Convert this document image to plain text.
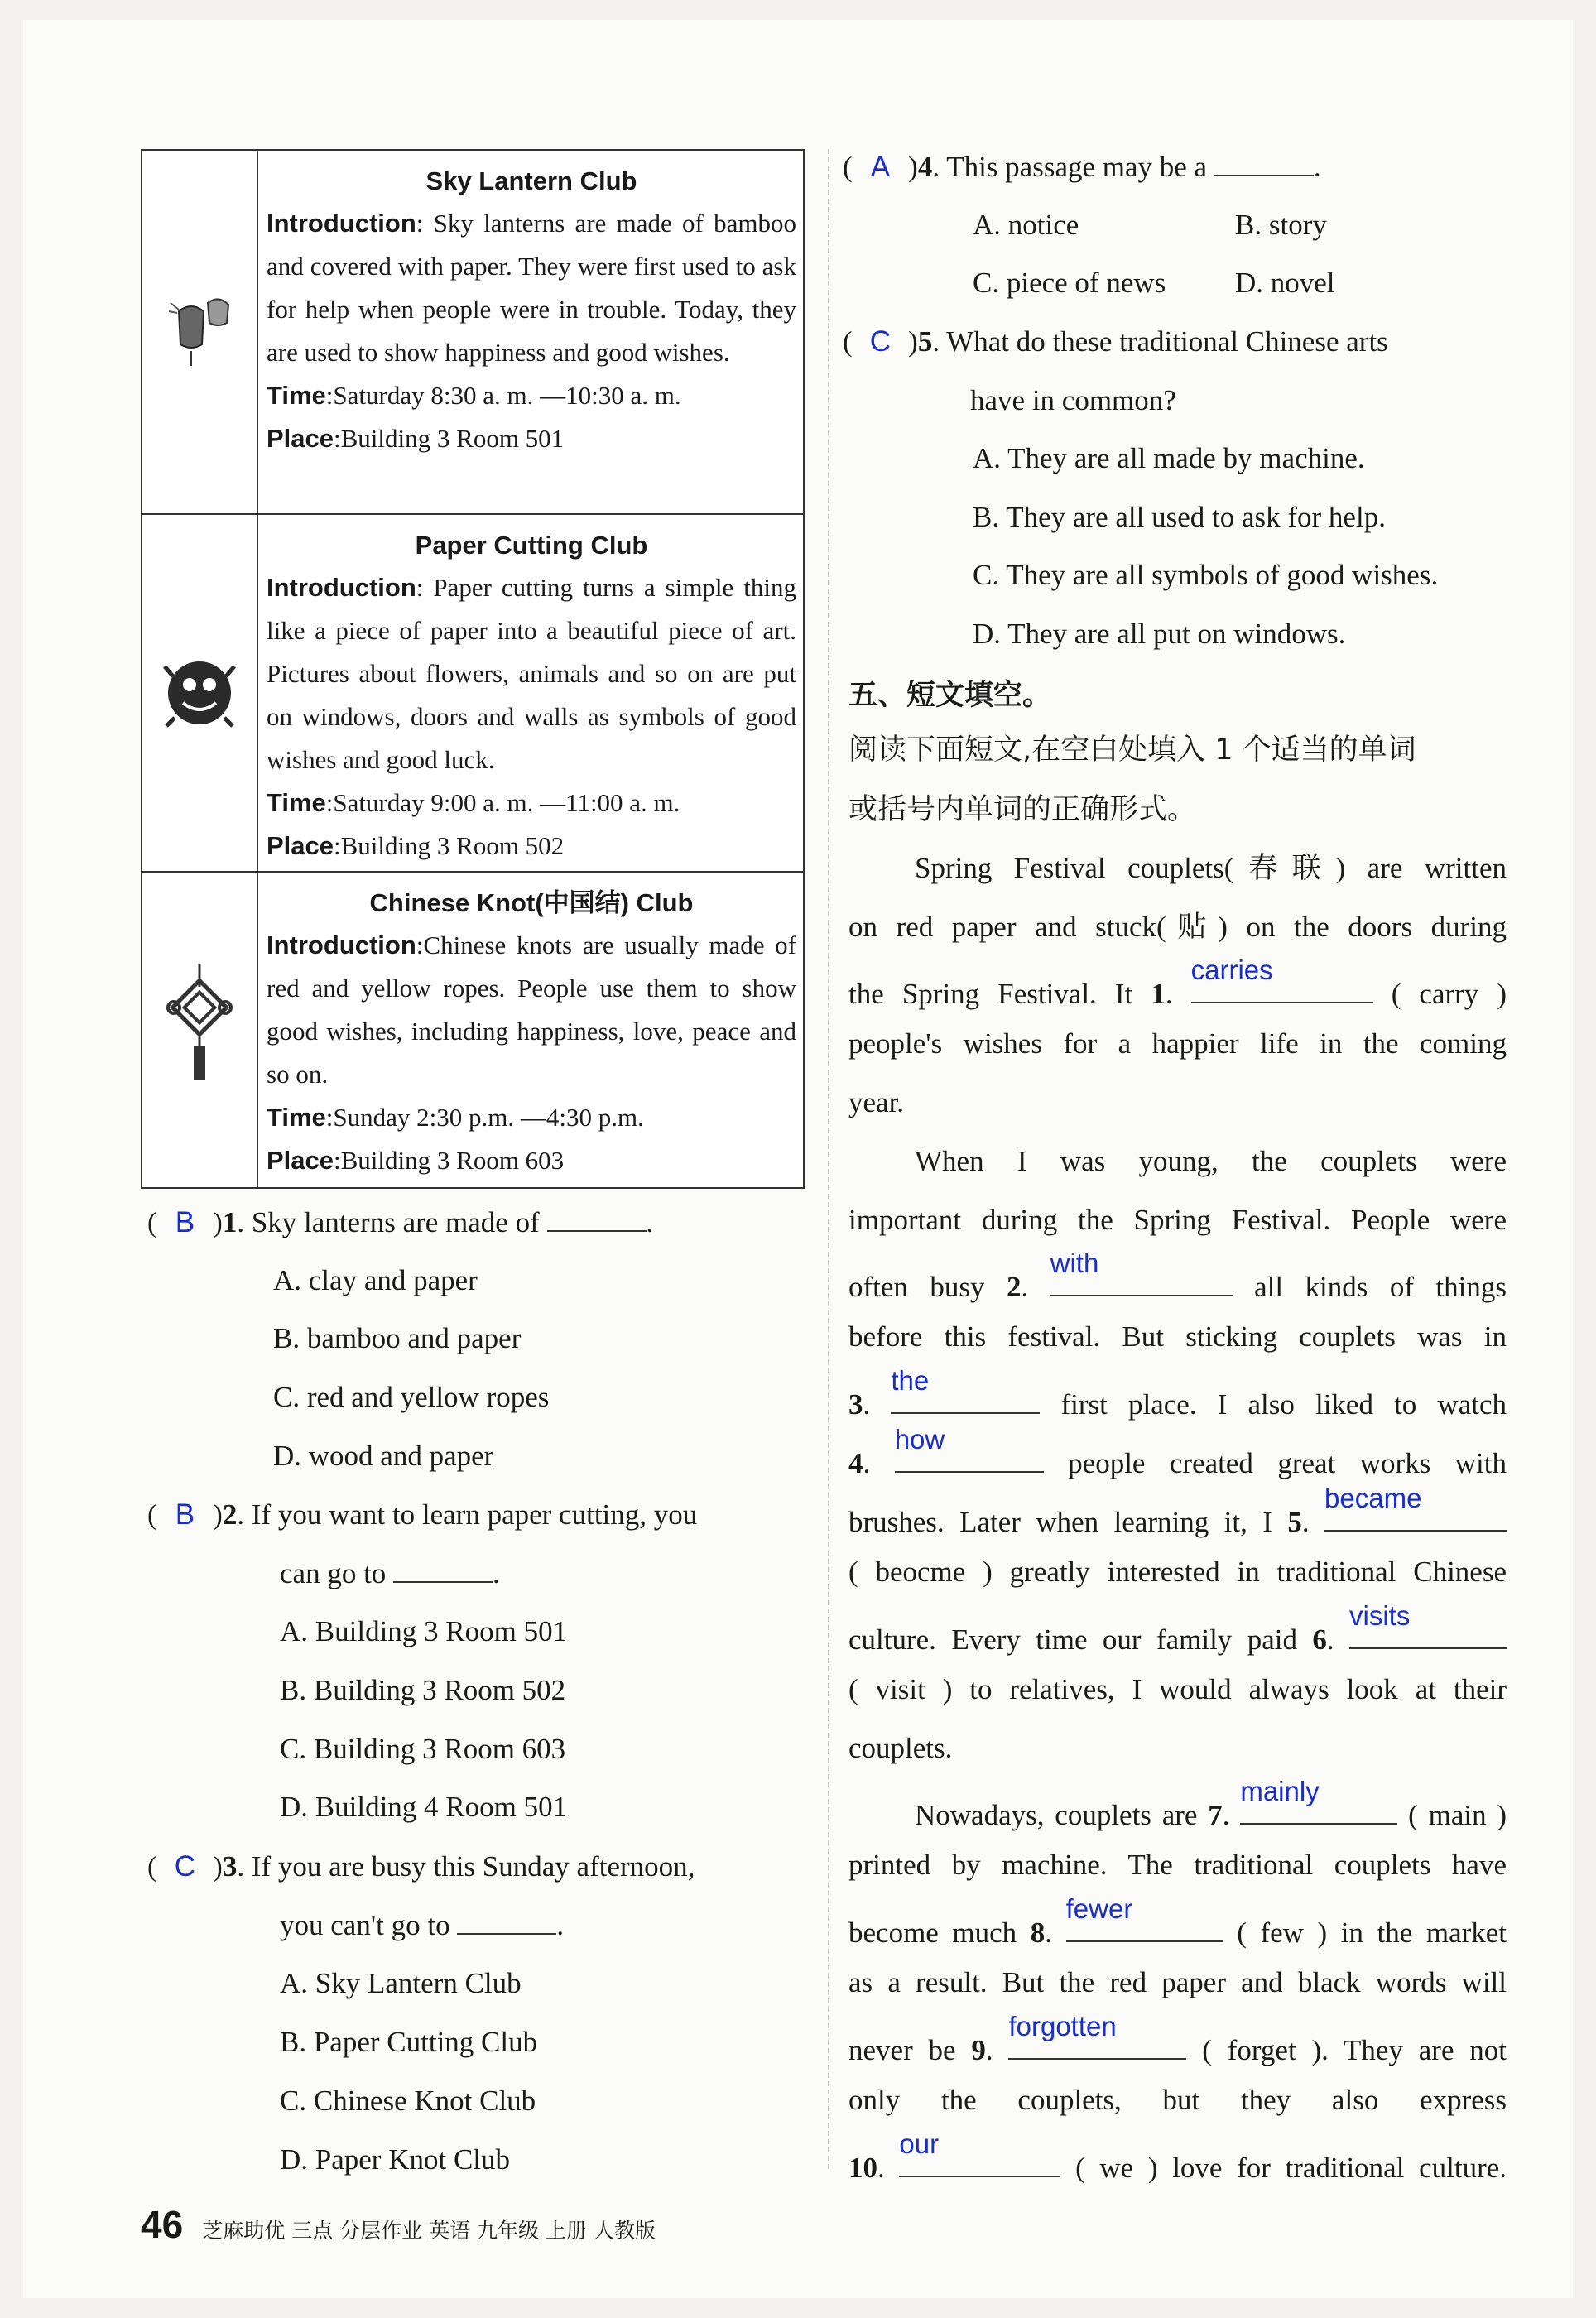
Sky Lantern Club
Introduction: Sky lanterns are made of bamboo and covered with paper. They were first used to ask for help when people were in trouble. Today, they are used to show happiness and good wishes.
Time:Saturday 8:30 a. m. —10:30 a. m.
Place:Building 3 Room 501
Paper Cutting Club
Introduction: Paper cutting turns a simple thing like a piece of paper into a beautiful piece of art. Pictures about flowers, animals and so on are put on windows, doors and walls as symbols of good wishes and good luck.
Time:Saturday 9:00 a. m. —11:00 a. m.
Place:Building 3 Room 502
Chinese Knot(中国结) Club
Introduction:Chinese knots are usually made of red and yellow ropes. People use them to show good wishes, including happiness, love, peace and so on.
Time:Sunday 2:30 p.m. —4:30 p.m.
Place:Building 3 Room 603
( B )1. Sky lanterns are made of	.
A. clay and paper
B. bamboo and paper
C. red and yellow ropes
D. wood and paper
( B )2. If you want to learn paper cutting, you
can go to	.
A. Building 3 Room 501
B. Building 3 Room 502
C. Building 3 Room 603
D. Building 4 Room 501
( C )3. If you are busy this Sunday afternoon,
you can't go to	.
A. Sky Lantern Club
B. Paper Cutting Club
C. Chinese Knot Club
D. Paper Knot Club
( A )4. This passage may be a	.
A. notice	B. story
C. piece of news D. novel
( C )5. What do these traditional Chinese arts
have in common?
A. They are all made by machine.
B. They are all used to ask for help.
C. They are all symbols of good wishes.
D. They are all put on windows.
五、短文填空。
阅读下面短文,在空白处填入 1 个适当的单词
或括号内单词的正确形式。
Spring Festival couplets(春联) are written
on red paper and stuck(贴) on the doors during
the Spring Festival. It 1.
carries
( carry )
people's wishes for a happier life in the coming
year.
When I was young, the couplets were
important during the Spring Festival. People were
often busy 2.
with
all kinds of things
before this festival. But sticking couplets was in
3.
the
first place. I also liked to watch
4.
how
people created great works with
brushes. Later when learning it, I 5.
became
( beocme ) greatly interested in traditional Chinese
culture. Every time our family paid 6.
visits
( visit ) to relatives, I would always look at their
couplets.
Nowadays, couplets are 7.
mainly
( main )
printed by machine. The traditional couplets have
become much 8.
fewer
( few ) in the market
as a result. But the red paper and black words will
never be 9.
forgotten
( forget ). They are not
only the couplets, but they also express
10.
our
( we ) love for traditional culture.
46 芝麻助优 三点 分层作业 英语 九年级 上册 人教版
